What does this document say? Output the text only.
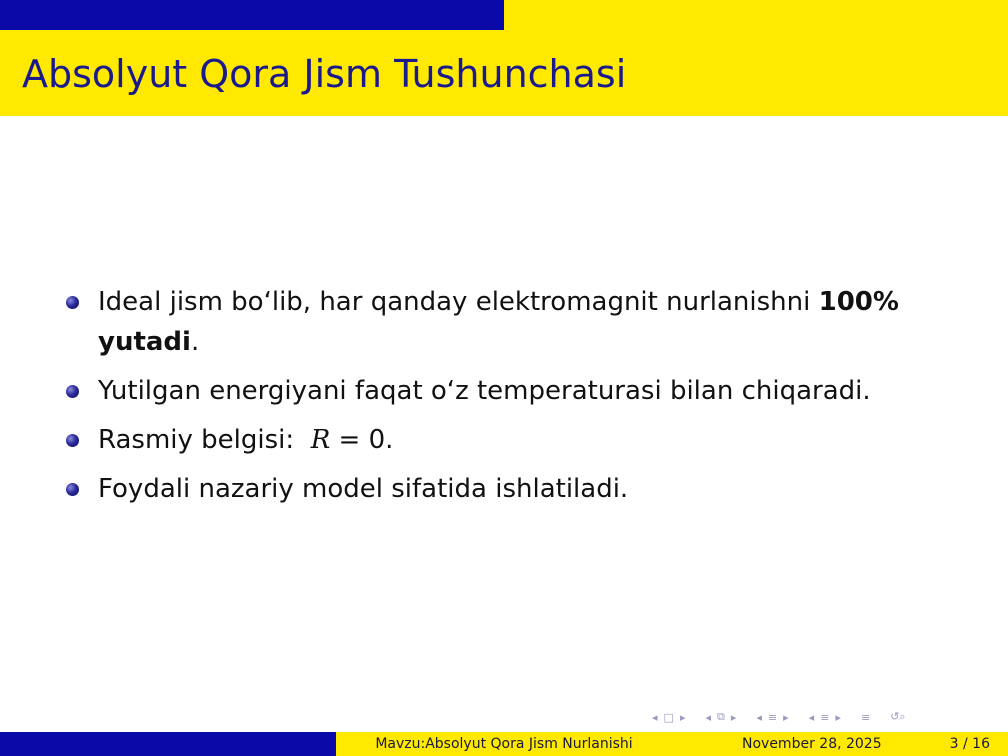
Absolyut Qora Jism Tushunchasi
Ideal jism bo‘lib, har qanday elektromagnit nurlanishni 100% yutadi.
Yutilgan energiyani faqat o‘z temperaturasi bilan chiqaradi.
Rasmiy belgisi:  R = 0.
Foydali nazariy model sifatida ishlatiladi.
◂ □ ▸ ◂ ⧉ ▸ ◂ ≡ ▸ ◂ ≡ ▸ ≡ ↺⌕
Mavzu:Absolyut Qora Jism Nurlanishi	November 28, 2025	3 / 16
